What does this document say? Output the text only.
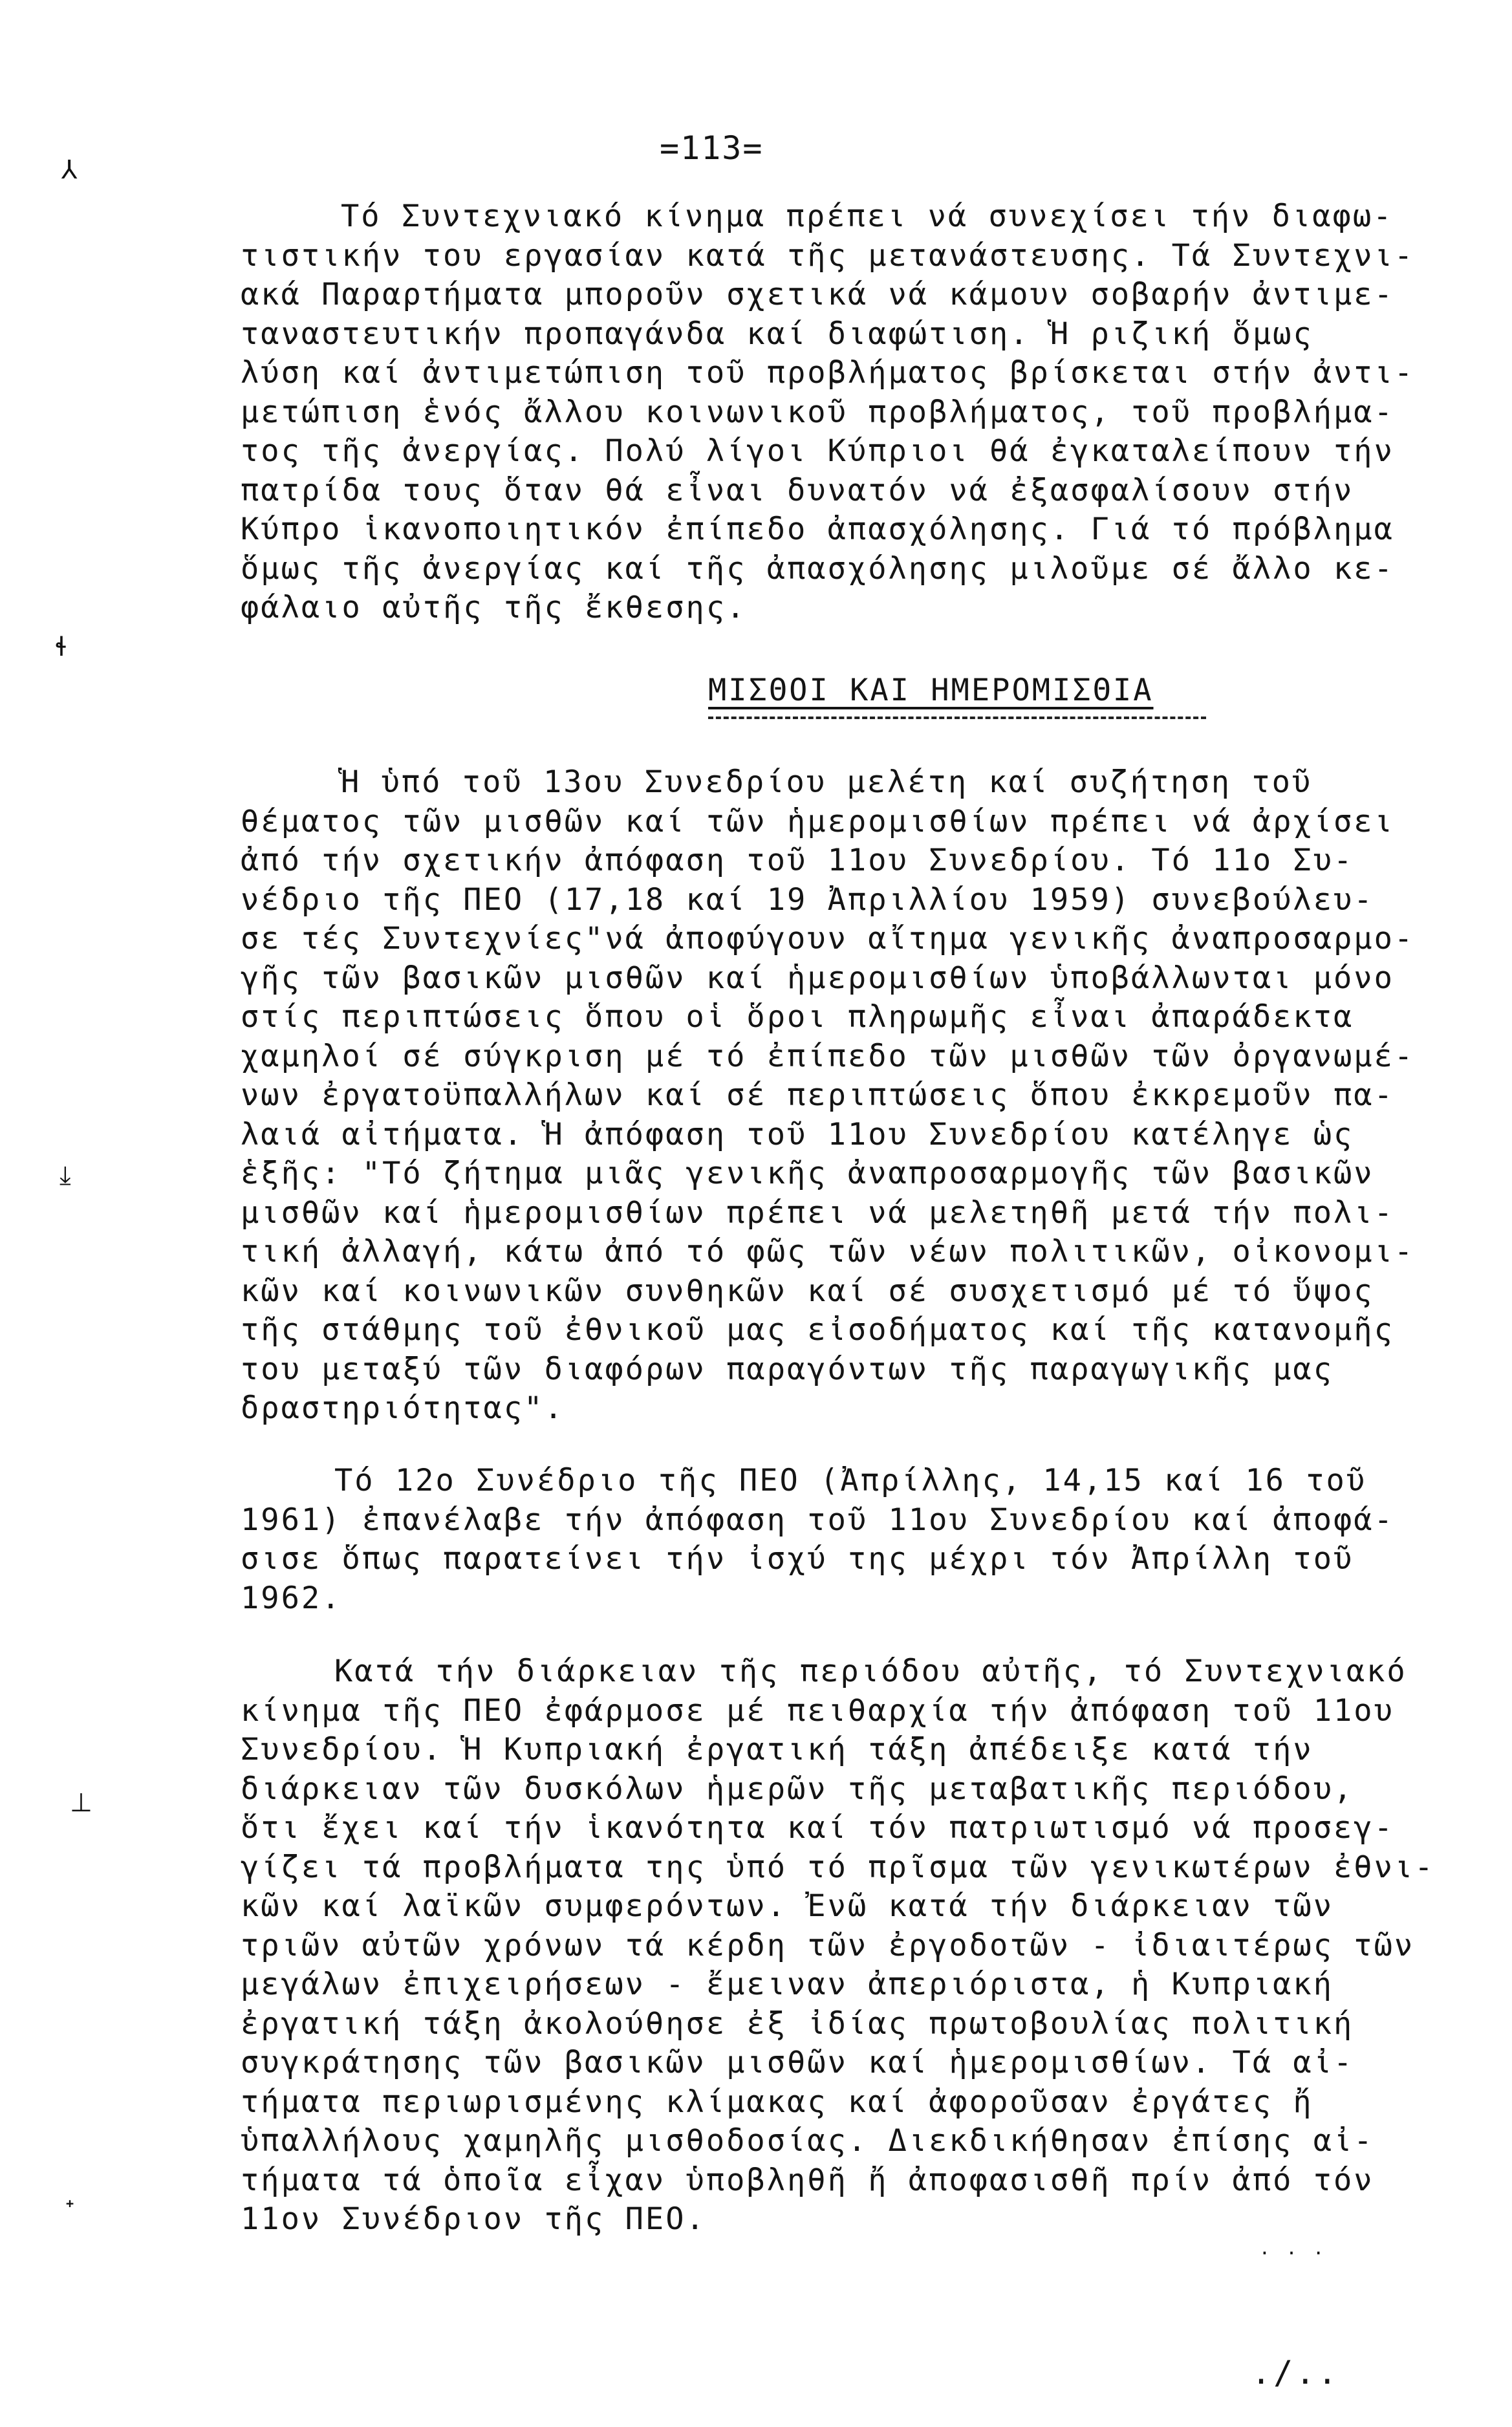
=113=
⅄
ɬ
⤓
⊥
ᐩ
Τό Συντεχνιακό κίνημα πρέπει νά συνεχίσει τήν διαφω-
τιστικήν του εργασίαν κατά τῆς μετανάστευσης. Τά Συντεχνι-
ακά Παραρτήματα μποροῦν σχετικά νά κάμουν σοβαρήν ἀντιμε-
ταναστευτικήν προπαγάνδα καί διαφώτιση. Ἡ ριζική ὅμως
λύση καί ἀντιμετώπιση τοῦ προβλήματος βρίσκεται στήν ἀντι-
μετώπιση ἑνός ἄλλου κοινωνικοῦ προβλήματος, τοῦ προβλήμα-
τος τῆς ἀνεργίας. Πολύ λίγοι Κύπριοι θά ἐγκαταλείπουν τήν
πατρίδα τους ὅταν θά εἶναι δυνατόν νά ἐξασφαλίσουν στήν
Κύπρο ἱκανοποιητικόν ἐπίπεδο ἀπασχόλησης. Γιά τό πρόβλημα
ὅμως τῆς ἀνεργίας καί τῆς ἀπασχόλησης μιλοῦμε σέ ἄλλο κε-
φάλαιο αὐτῆς τῆς ἔκθεσης.
ΜΙΣΘΟΙ ΚΑΙ ΗΜΕΡΟΜΙΣΘΙΑ
Ἡ ὑπό τοῦ 13ου Συνεδρίου μελέτη καί συζήτηση τοῦ
θέματος τῶν μισθῶν καί τῶν ἡμερομισθίων πρέπει νά ἀρχίσει
ἀπό τήν σχετικήν ἀπόφαση τοῦ 11ου Συνεδρίου. Τό 11ο Συ-
νέδριο τῆς ΠΕΟ (17,18 καί 19 Ἀπριλλίου 1959) συνεβούλευ-
σε τές Συντεχνίες"νά ἀποφύγουν αἴτημα γενικῆς ἀναπροσαρμο-
γῆς τῶν βασικῶν μισθῶν καί ἡμερομισθίων ὑποβάλλωνται μόνο
στίς περιπτώσεις ὅπου οἱ ὅροι πληρωμῆς εἶναι ἀπαράδεκτα
χαμηλοί σέ σύγκριση μέ τό ἐπίπεδο τῶν μισθῶν τῶν ὀργανωμέ-
νων ἐργατοϋπαλλήλων καί σέ περιπτώσεις ὅπου ἐκκρεμοῦν πα-
λαιά αἰτήματα. Ἡ ἀπόφαση τοῦ 11ου Συνεδρίου κατέληγε ὡς
ἑξῆς: "Τό ζήτημα μιᾶς γενικῆς ἀναπροσαρμογῆς τῶν βασικῶν
μισθῶν καί ἡμερομισθίων πρέπει νά μελετηθῆ μετά τήν πολι-
τική ἀλλαγή, κάτω ἀπό τό φῶς τῶν νέων πολιτικῶν, οἰκονομι-
κῶν καί κοινωνικῶν συνθηκῶν καί σέ συσχετισμό μέ τό ὕψος
τῆς στάθμης τοῦ ἐθνικοῦ μας εἰσοδήματος καί τῆς κατανομῆς
του μεταξύ τῶν διαφόρων παραγόντων τῆς παραγωγικῆς μας
δραστηριότητας".
Τό 12ο Συνέδριο τῆς ΠΕΟ (Ἀπρίλλης, 14,15 καί 16 τοῦ
1961) ἐπανέλαβε τήν ἀπόφαση τοῦ 11ου Συνεδρίου καί ἀποφά-
σισε ὅπως παρατείνει τήν ἰσχύ της μέχρι τόν Ἀπρίλλη τοῦ
1962.
Κατά τήν διάρκειαν τῆς περιόδου αὐτῆς, τό Συντεχνιακό
κίνημα τῆς ΠΕΟ ἐφάρμοσε μέ πειθαρχία τήν ἀπόφαση τοῦ 11ου
Συνεδρίου. Ἡ Κυπριακή ἐργατική τάξη ἀπέδειξε κατά τήν
διάρκειαν τῶν δυσκόλων ἡμερῶν τῆς μεταβατικῆς περιόδου,
ὅτι ἔχει καί τήν ἱκανότητα καί τόν πατριωτισμό νά προσεγ-
γίζει τά προβλήματα της ὑπό τό πρῖσμα τῶν γενικωτέρων ἐθνι-
κῶν καί λαϊκῶν συμφερόντων. Ἐνῶ κατά τήν διάρκειαν τῶν
τριῶν αὐτῶν χρόνων τά κέρδη τῶν ἐργοδοτῶν - ἰδιαιτέρως τῶν
μεγάλων ἐπιχειρήσεων - ἔμειναν ἀπεριόριστα, ἡ Κυπριακή
ἐργατική τάξη ἀκολούθησε ἐξ ἰδίας πρωτοβουλίας πολιτική
συγκράτησης τῶν βασικῶν μισθῶν καί ἡμερομισθίων. Τά αἰ-
τήματα περιωρισμένης κλίμακας καί ἀφοροῦσαν ἐργάτες ἤ
ὑπαλλήλους χαμηλῆς μισθοδοσίας. Διεκδικήθησαν ἐπίσης αἰ-
τήματα τά ὁποῖα εἶχαν ὑποβληθῆ ἤ ἀποφασισθῆ πρίν ἀπό τόν
11ον Συνέδριον τῆς ΠΕΟ.
. . .
./..
